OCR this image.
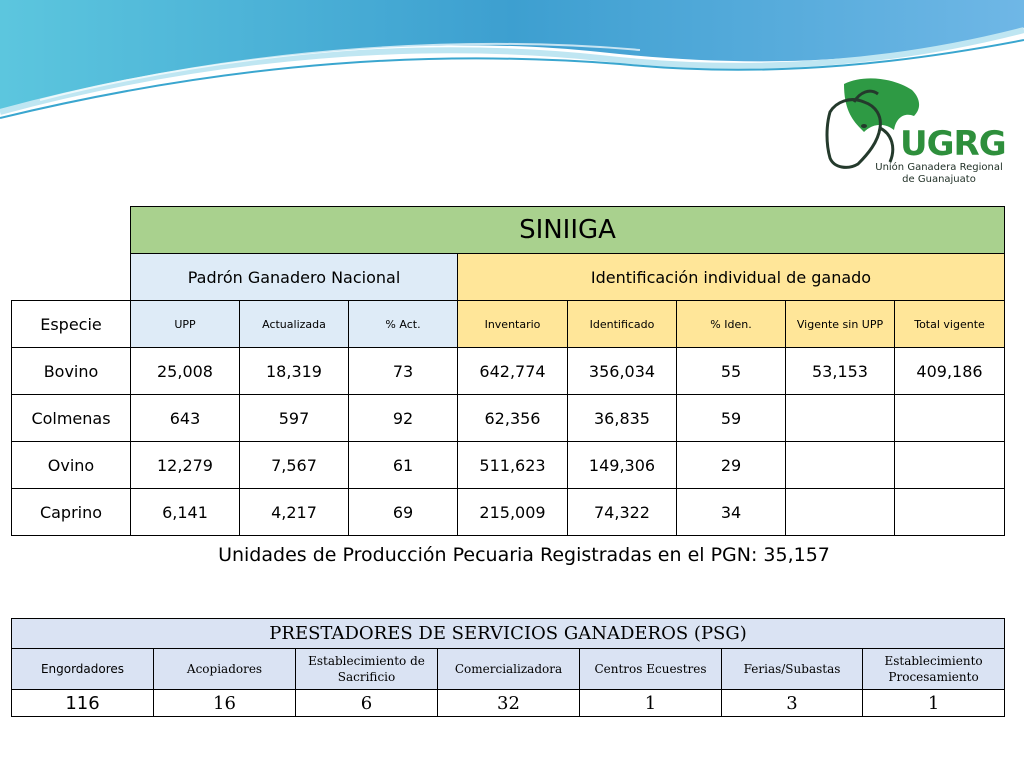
UGRG
Unión Ganadera Regional
de Guanajuato
	SINIIGA							
	Padrón Ganadero Nacional			Identificación individual de ganado				
Especie	UPP	Actualizada	% Act.	Inventario	Identificado	% Iden.	Vigente sin UPP	Total vigente
Bovino	25,008	18,319	73	642,774	356,034	55	53,153	409,186
Colmenas	643	597	92	62,356	36,835	59		
Ovino	12,279	7,567	61	511,623	149,306	29		
Caprino	6,141	4,217	69	215,009	74,322	34		
Unidades de Producción Pecuaria Registradas en el PGN: 35,157
PRESTADORES DE SERVICIOS GANADEROS (PSG)						
Engordadores	Acopiadores	Establecimiento de Sacrificio	Comercializadora	Centros Ecuestres	Ferias/Subastas	Establecimiento Procesamiento
116	16	6	32	1	3	1
